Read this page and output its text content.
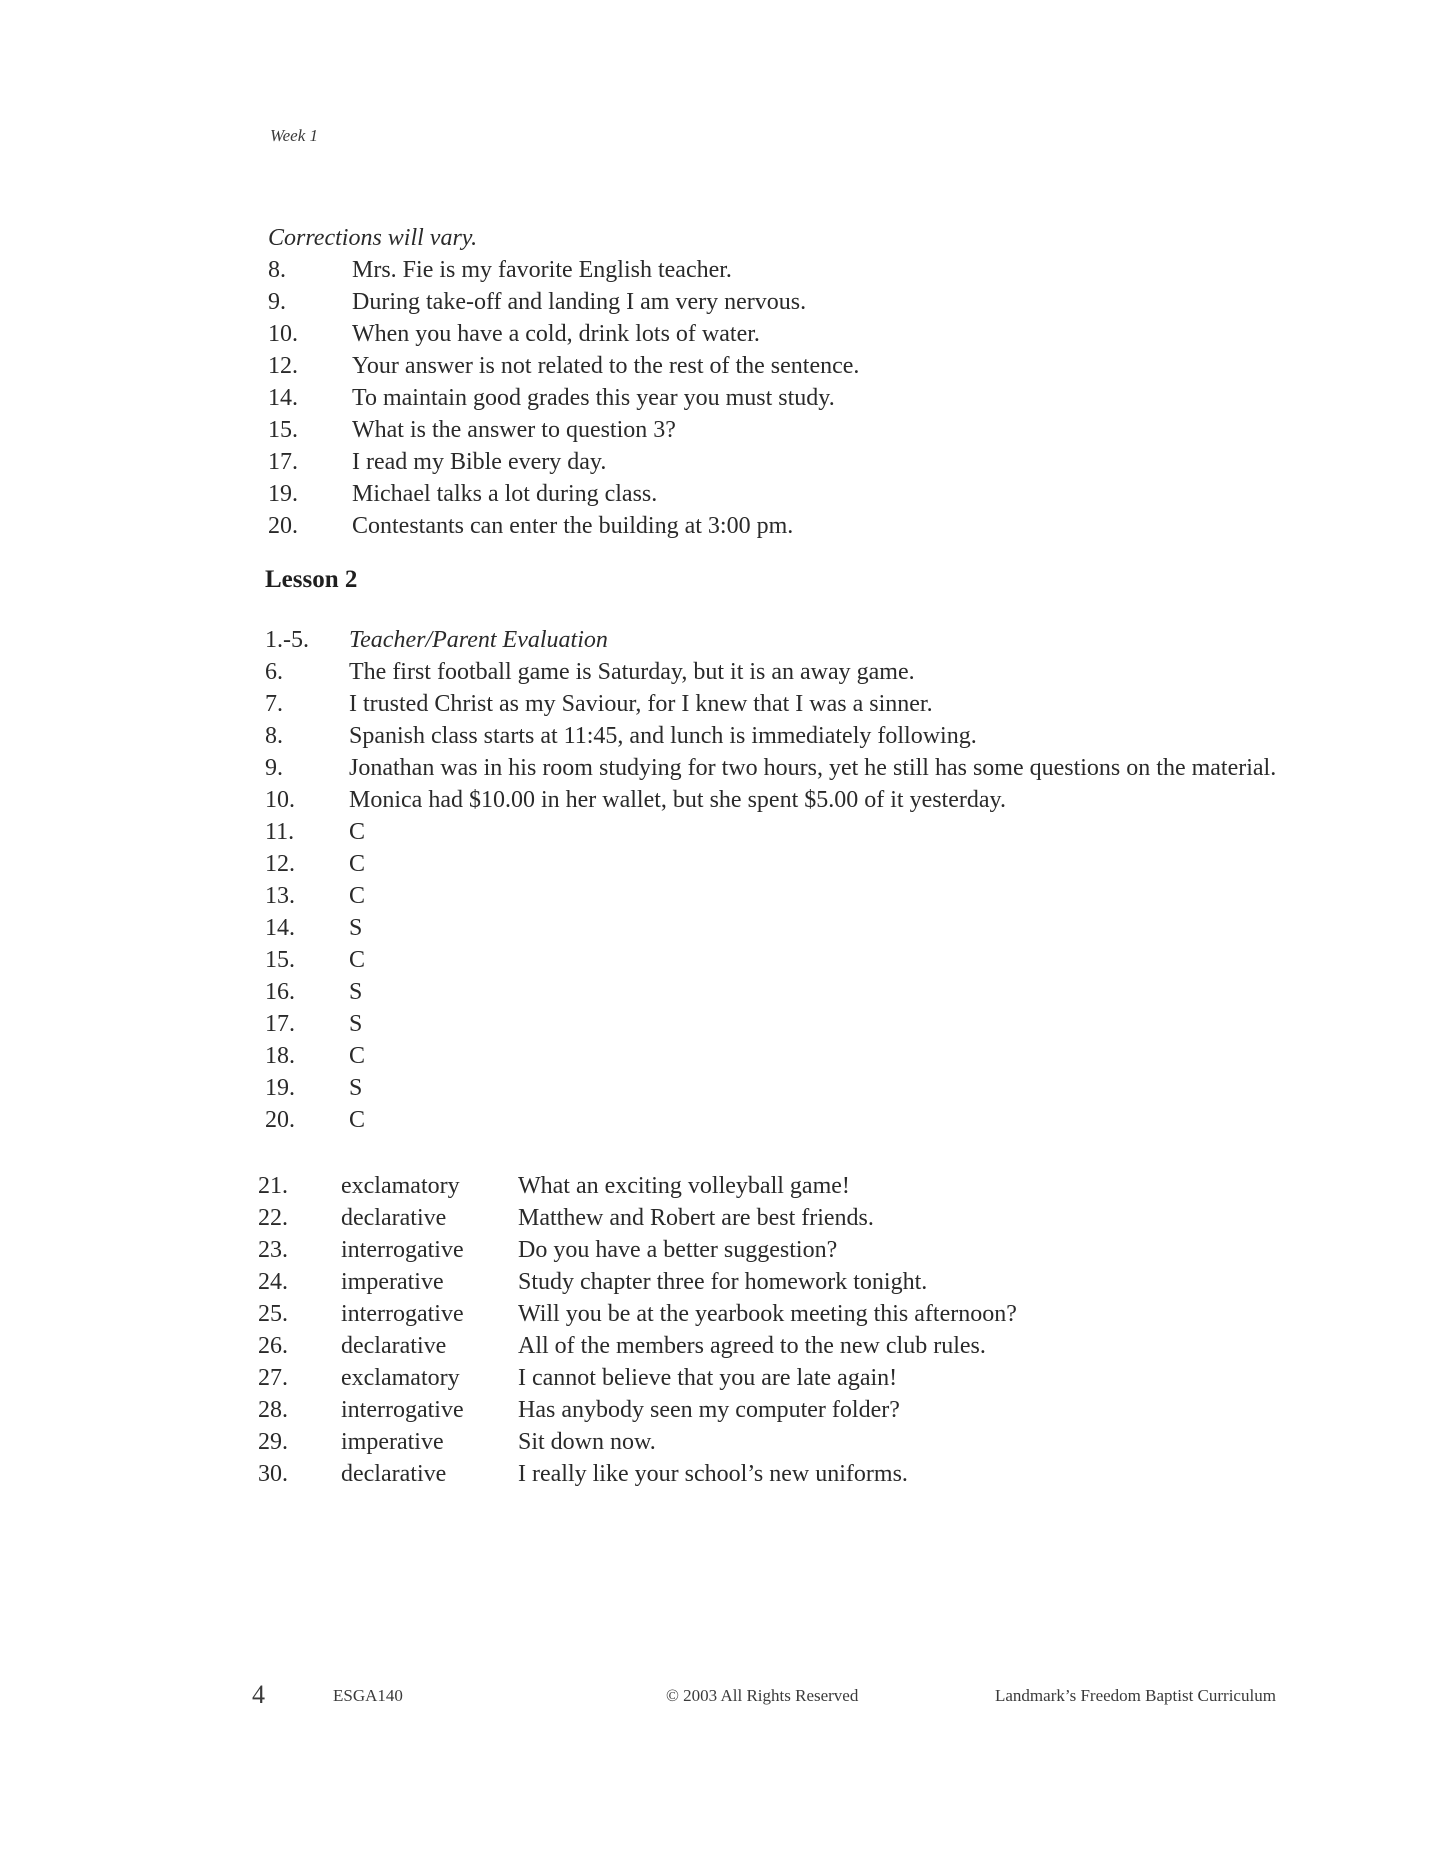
Week 1
Corrections will vary.
8.	Mrs. Fie is my favorite English teacher.
9.	During take-off and landing I am very nervous.
10.	When you have a cold, drink lots of water.
12.	Your answer is not related to the rest of the sentence.
14.	To maintain good grades this year you must study.
15.	What is the answer to question 3?
17.	I read my Bible every day.
19.	Michael talks a lot during class.
20.	Contestants can enter the building at 3:00 pm.
Lesson 2
1.-5.	Teacher/Parent Evaluation
6.	The first football game is Saturday, but it is an away game.
7.	I trusted Christ as my Saviour, for I knew that I was a sinner.
8.	Spanish class starts at 11:45, and lunch is immediately following.
9.	Jonathan was in his room studying for two hours, yet he still has some questions on the material.
10.	Monica had $10.00 in her wallet, but she spent $5.00 of it yesterday.
11.	C
12.	C
13.	C
14.	S
15.	C
16.	S
17.	S
18.	C
19.	S
20.	C
21.	exclamatory	What an exciting volleyball game!
22.	declarative	Matthew and Robert are best friends.
23.	interrogative	Do you have a better suggestion?
24.	imperative	Study chapter three for homework tonight.
25.	interrogative	Will you be at the yearbook meeting this afternoon?
26.	declarative	All of the members agreed to the new club rules.
27.	exclamatory	I cannot believe that you are late again!
28.	interrogative	Has anybody seen my computer folder?
29.	imperative	Sit down now.
30.	declarative	I really like your school’s new uniforms.
4	ESGA140	© 2003 All Rights Reserved	Landmark’s Freedom Baptist Curriculum
